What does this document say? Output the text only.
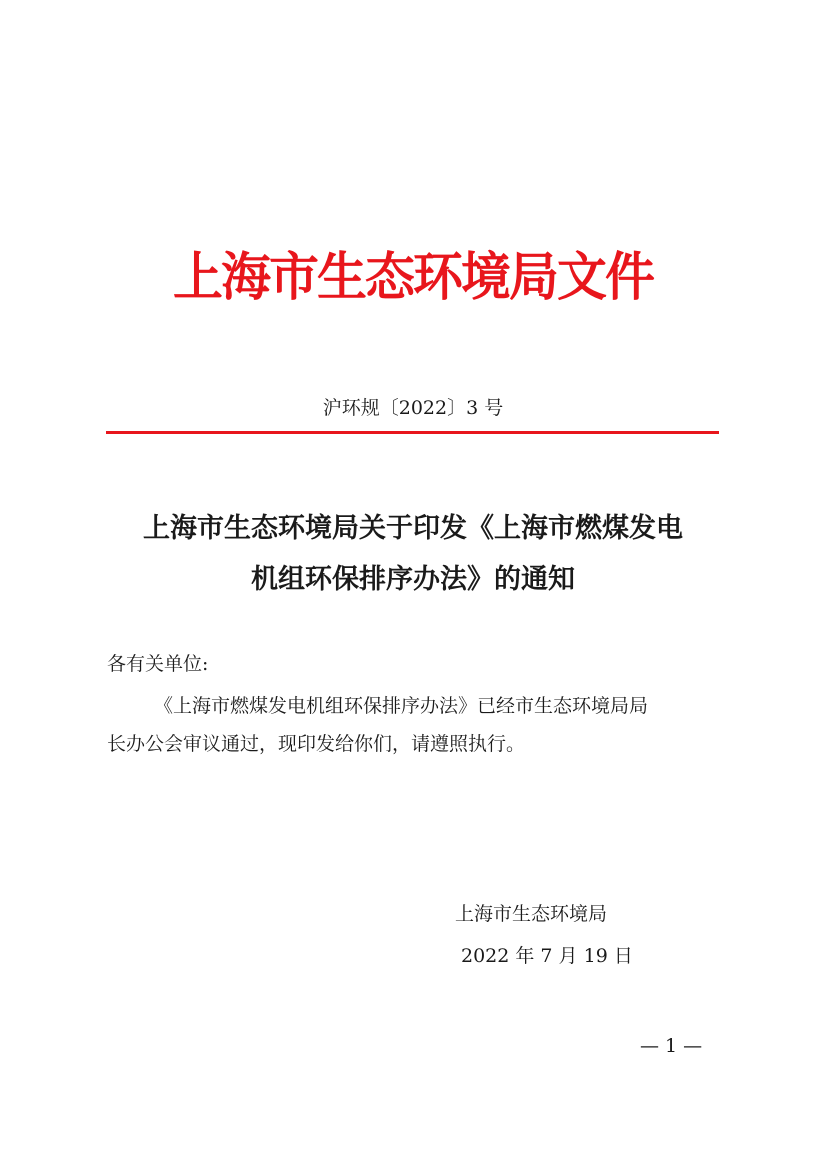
上海市生态环境局文件
沪环规〔2022〕3 号
上海市生态环境局关于印发《上海市燃煤发电
机组环保排序办法》的通知
各有关单位:
《上海市燃煤发电机组环保排序办法》已经市生态环境局局
长办公会审议通过，现印发给你们，请遵照执行。
上海市生态环境局
2022 年 7 月 19 日
— 1 —
